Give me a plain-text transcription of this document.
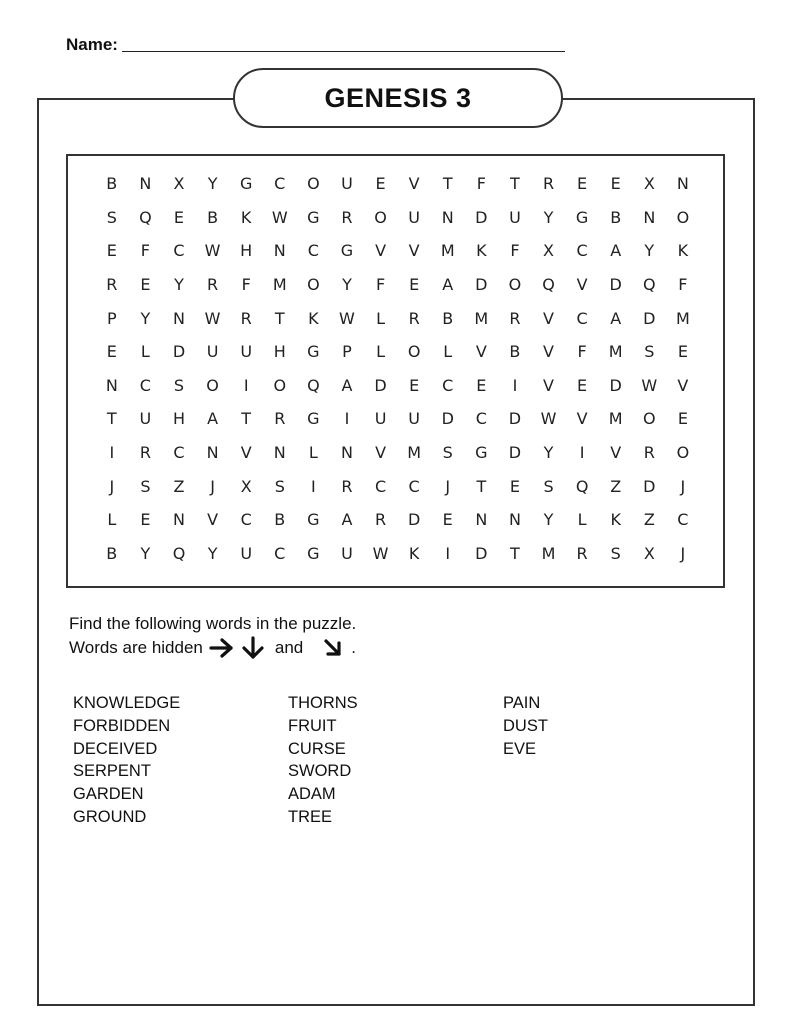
Name:
GENESIS 3
B	N	X	Y	G	C	O	U	E	V	T	F	T	R	E	E	X	N
S	Q	E	B	K	W	G	R	O	U	N	D	U	Y	G	B	N	O
E	F	C	W	H	N	C	G	V	V	M	K	F	X	C	A	Y	K
R	E	Y	R	F	M	O	Y	F	E	A	D	O	Q	V	D	Q	F
P	Y	N	W	R	T	K	W	L	R	B	M	R	V	C	A	D	M
E	L	D	U	U	H	G	P	L	O	L	V	B	V	F	M	S	E
N	C	S	O	I	O	Q	A	D	E	C	E	I	V	E	D	W	V
T	U	H	A	T	R	G	I	U	U	D	C	D	W	V	M	O	E
I	R	C	N	V	N	L	N	V	M	S	G	D	Y	I	V	R	O
J	S	Z	J	X	S	I	R	C	C	J	T	E	S	Q	Z	D	J
L	E	N	V	C	B	G	A	R	D	E	N	N	Y	L	K	Z	C
B	Y	Q	Y	U	C	G	U	W	K	I	D	T	M	R	S	X	J
Find the following words in the puzzle.
Words are hidden	and	.
KNOWLEDGE
FORBIDDEN
DECEIVED
SERPENT
GARDEN
GROUND
THORNS
FRUIT
CURSE
SWORD
ADAM
TREE
PAIN
DUST
EVE
